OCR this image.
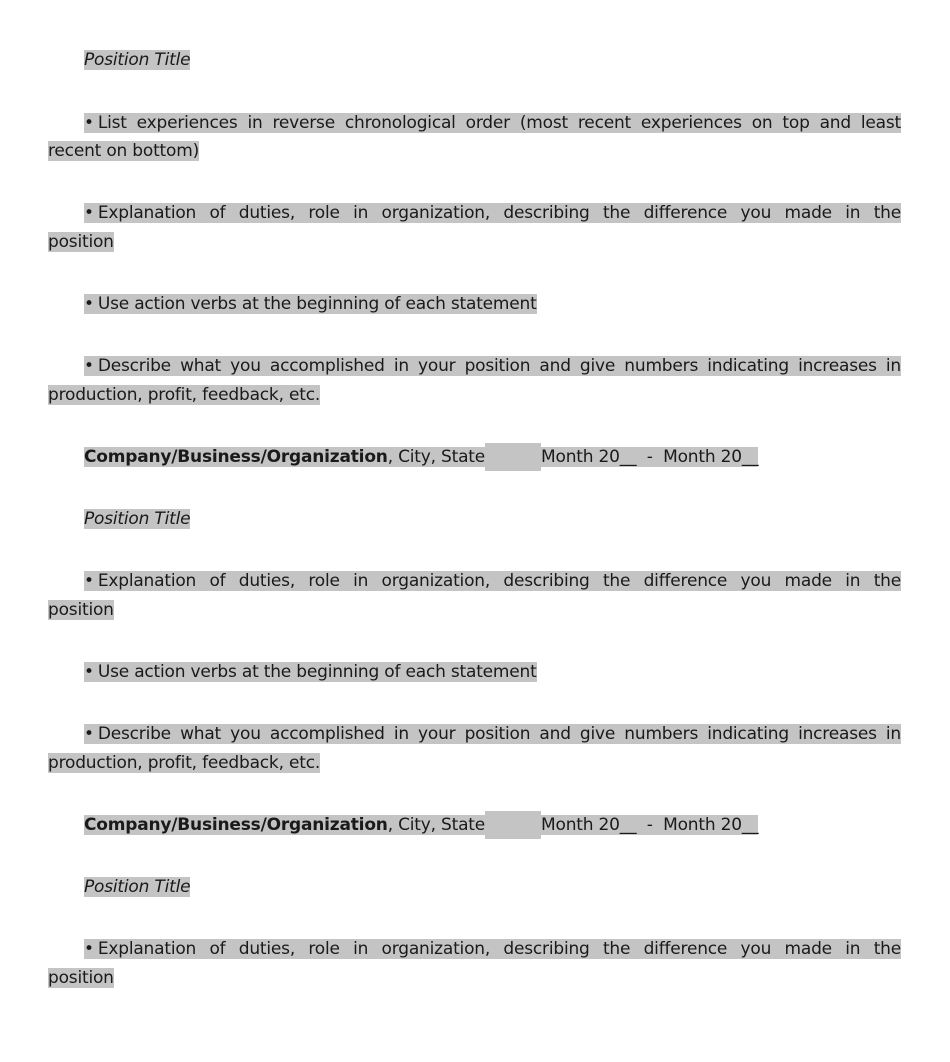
Position Title
• List experiences in reverse chronological order (most recent experiences on top and least
recent on bottom)
• Explanation of duties, role in organization, describing the difference you made in the
position
• Use action verbs at the beginning of each statement
• Describe what you accomplished in your position and give numbers indicating increases in
production, profit, feedback, etc.
Company/Business/Organization, City, State	Month 20__  -  Month 20__
Position Title
• Explanation of duties, role in organization, describing the difference you made in the
position
• Use action verbs at the beginning of each statement
• Describe what you accomplished in your position and give numbers indicating increases in
production, profit, feedback, etc.
Company/Business/Organization, City, State	Month 20__  -  Month 20__
Position Title
• Explanation of duties, role in organization, describing the difference you made in the
position
